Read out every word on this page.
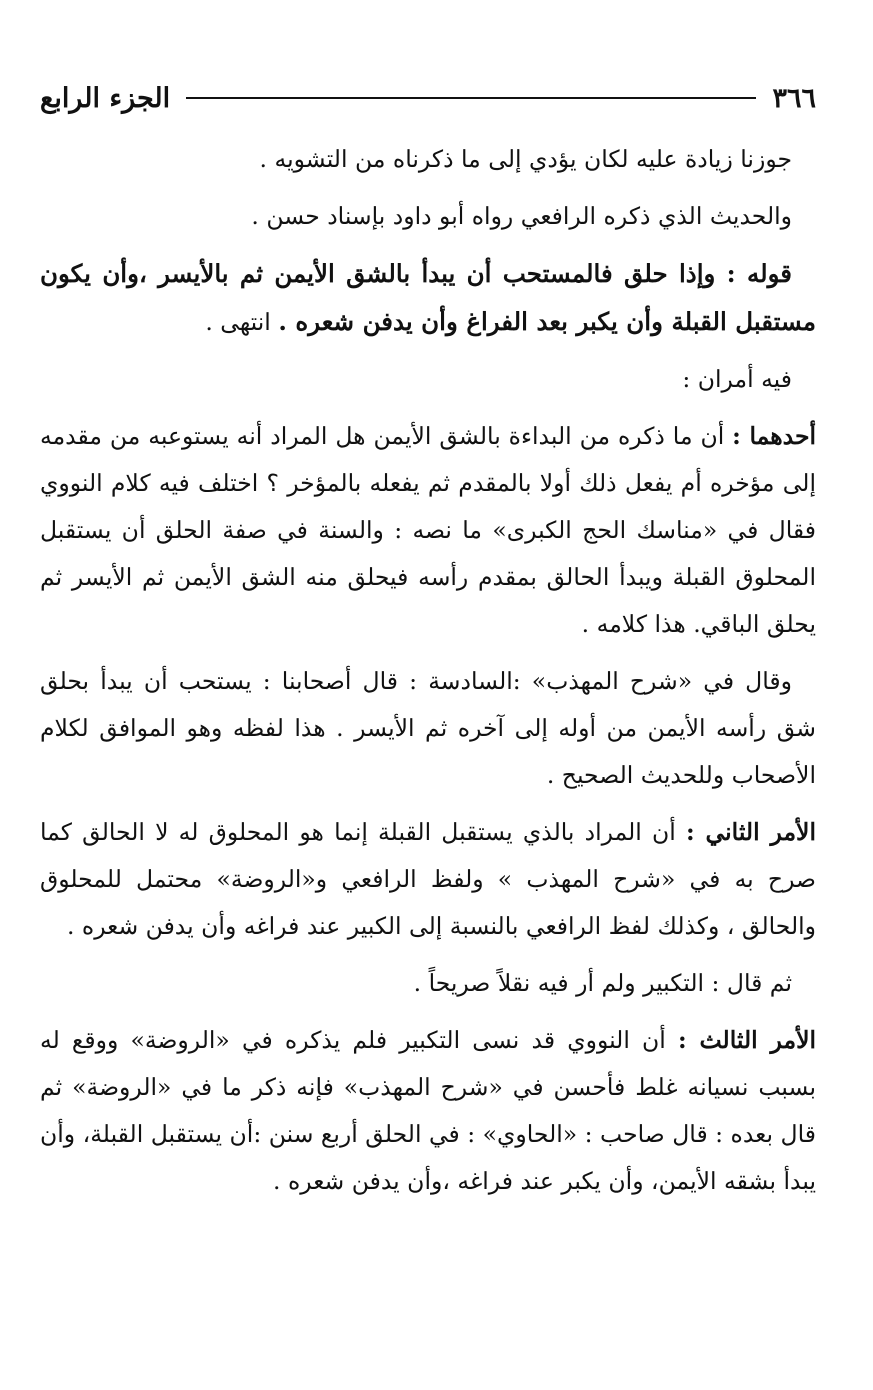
٣٦٦
الجزء الرابع

جوزنا زيادة عليه لكان يؤدي إلى ما ذكرناه من التشويه .

والحديث الذي ذكره الرافعي رواه أبو داود بإسناد حسن .

قوله : وإذا حلق فالمستحب أن يبدأ بالشق الأيمن ثم بالأيسر ،وأن يكون مستقبل القبلة وأن يكبر بعد الفراغ وأن يدفن شعره . انتهى .

فيه أمران :

أحدهما : أن ما ذكره من البداءة بالشق الأيمن هل المراد أنه يستوعبه من مقدمه إلى مؤخره أم يفعل ذلك أولا بالمقدم ثم يفعله بالمؤخر ؟ اختلف فيه كلام النووي فقال في «مناسك الحج الكبرى» ما نصه : والسنة في صفة الحلق أن يستقبل المحلوق القبلة ويبدأ الحالق بمقدم رأسه فيحلق منه الشق الأيمن ثم الأيسر ثم يحلق الباقي. هذا كلامه .

وقال في «شرح المهذب» :السادسة : قال أصحابنا : يستحب أن يبدأ بحلق شق رأسه الأيمن من أوله إلى آخره ثم الأيسر . هذا لفظه وهو الموافق لكلام الأصحاب وللحديث الصحيح .

الأمر الثاني : أن المراد بالذي يستقبل القبلة إنما هو المحلوق له لا الحالق كما صرح به في «شرح المهذب » ولفظ الرافعي و«الروضة» محتمل للمحلوق والحالق ، وكذلك لفظ الرافعي بالنسبة إلى الكبير عند فراغه وأن يدفن شعره .

ثم قال : التكبير ولم أر فيه نقلاً صريحاً .

الأمر الثالث : أن النووي قد نسى التكبير فلم يذكره في «الروضة» ووقع له بسبب نسيانه غلط فأحسن في «شرح المهذب» فإنه ذكر ما في «الروضة» ثم قال بعده : قال صاحب : «الحاوي» : في الحلق أربع سنن :أن يستقبل القبلة، وأن يبدأ بشقه الأيمن، وأن يكبر عند فراغه ،وأن يدفن شعره .
